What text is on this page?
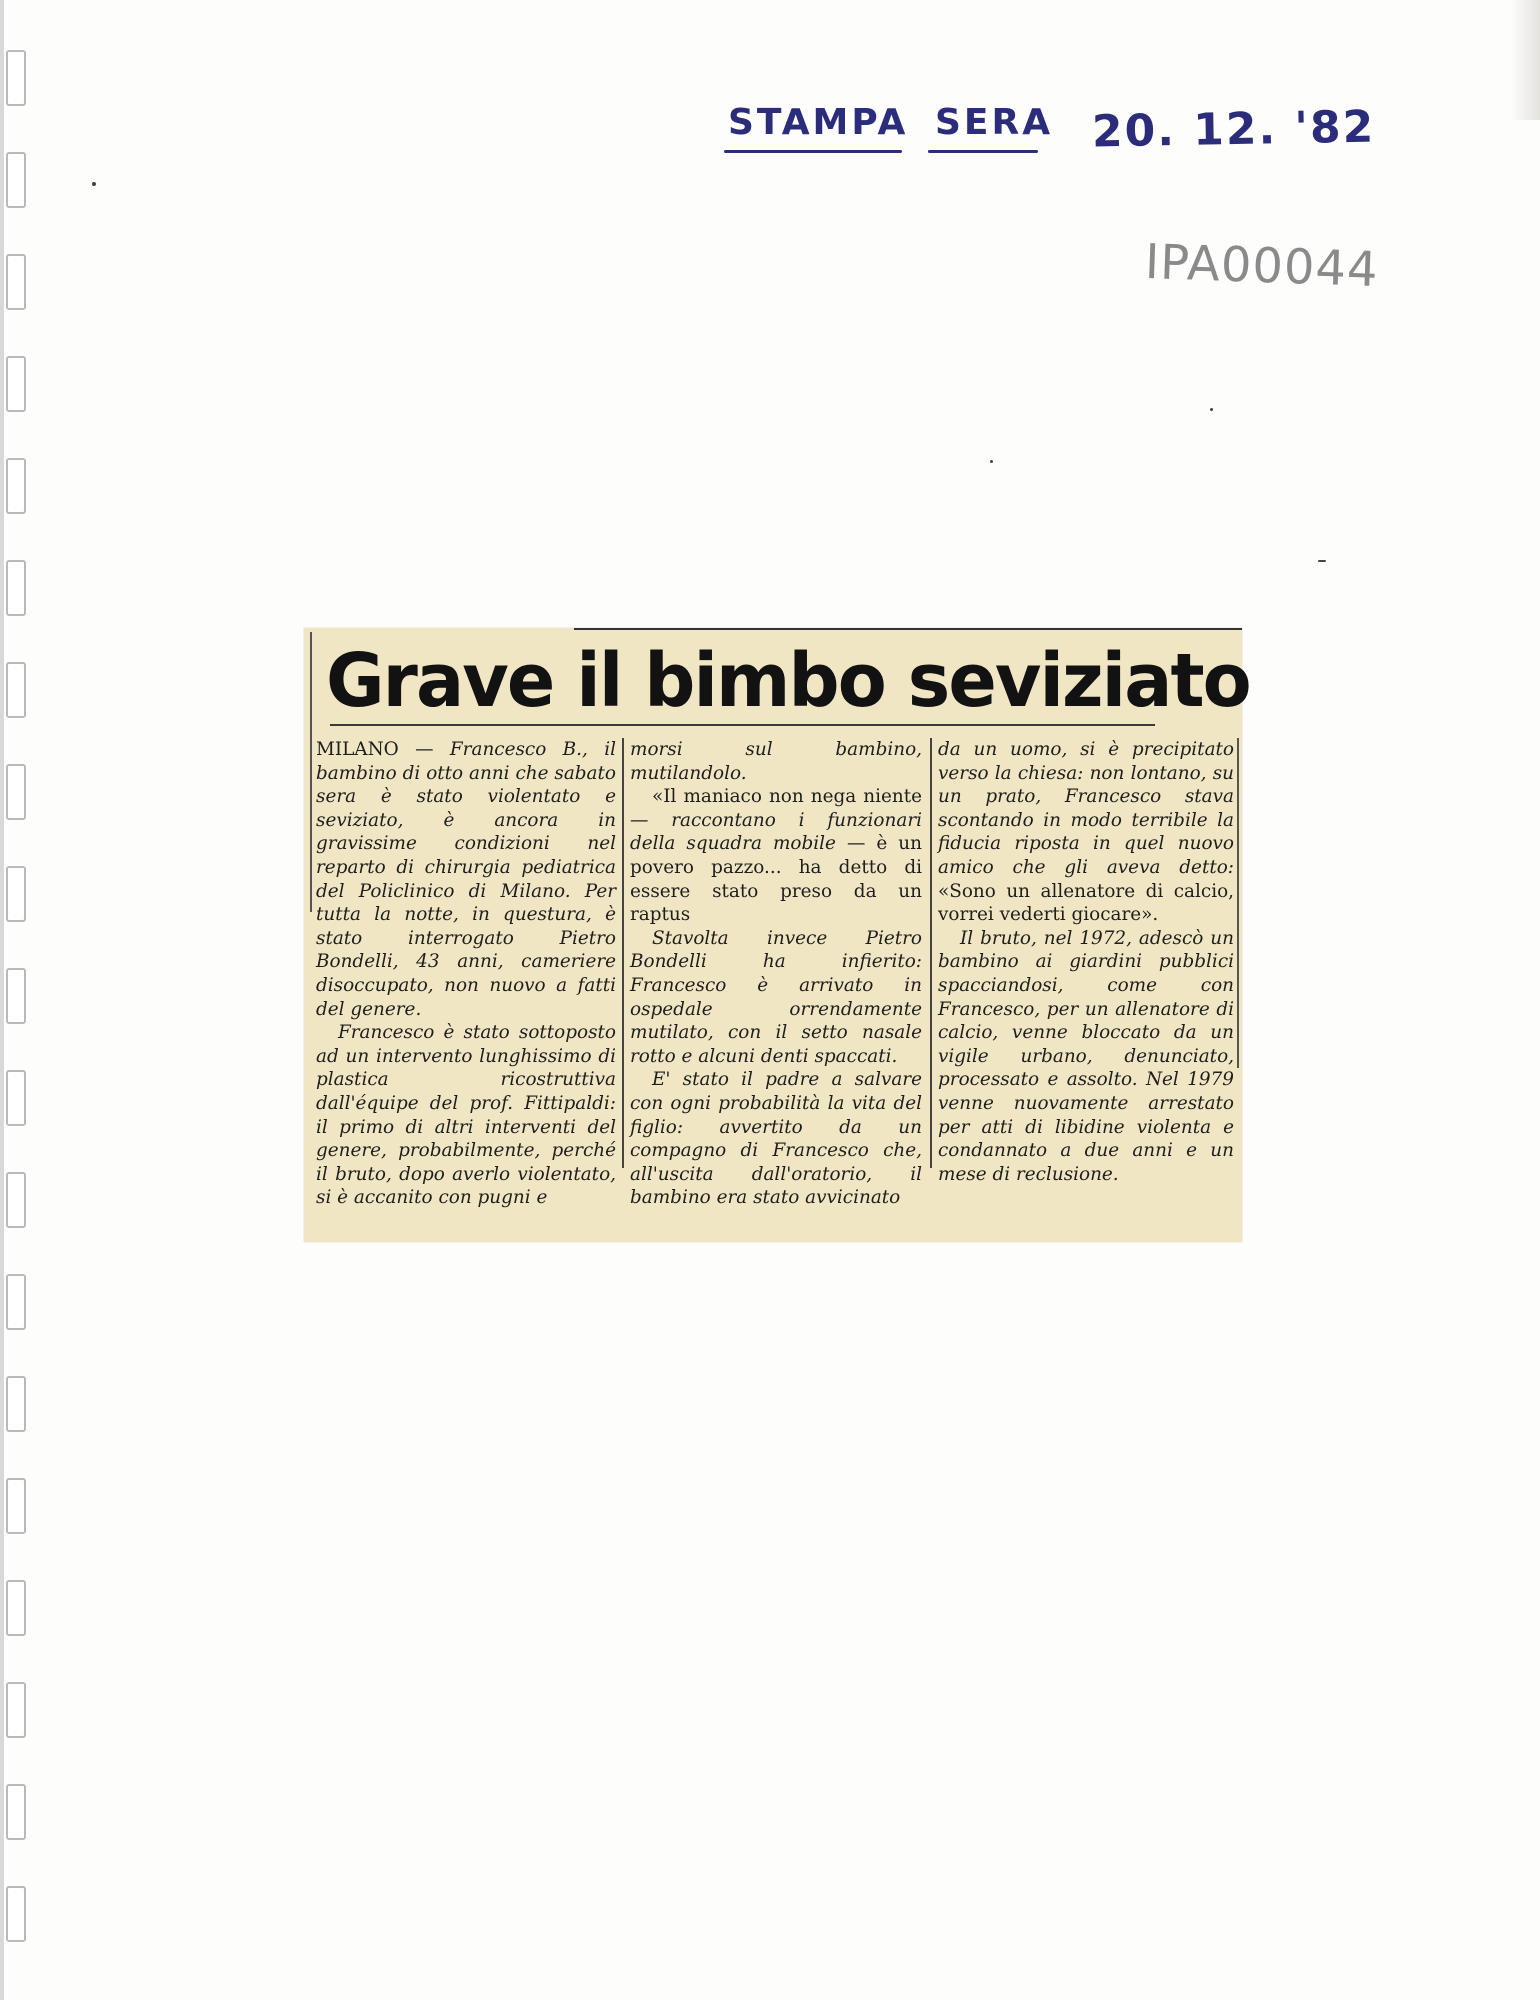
STAMPA SERA 20. 12. '82
IPA00044
Grave il bimbo seviziato

MILANO — Francesco B., il bambino di otto anni che sabato sera è stato violentato e seviziato, è ancora in gravissime condizioni nel reparto di chirurgia pediatrica del Policlinico di Milano. Per tutta la notte, in questura, è stato interrogato Pietro Bondelli, 43 anni, cameriere disoccupato, non nuovo a fatti del genere.

Francesco è stato sottoposto ad un intervento lunghissimo di plastica ricostruttiva dall'équipe del prof. Fittipaldi: il primo di altri interventi del genere, probabilmente, perché il bruto, dopo averlo violentato, si è accanito con pugni e

morsi sul bambino, mutilandolo.

«Il maniaco non nega niente — raccontano i funzionari della squadra mobile — è un povero pazzo... ha detto di essere stato preso da un raptus

Stavolta invece Pietro Bondelli ha infierito: Francesco è arrivato in ospedale orrendamente mutilato, con il setto nasale rotto e alcuni denti spaccati.

E' stato il padre a salvare con ogni probabilità la vita del figlio: avvertito da un compagno di Francesco che, all'uscita dall'oratorio, il bambino era stato avvicinato

da un uomo, si è precipitato verso la chiesa: non lontano, su un prato, Francesco stava scontando in modo terribile la fiducia riposta in quel nuovo amico che gli aveva detto: «Sono un allenatore di calcio, vorrei vederti giocare».

Il bruto, nel 1972, adescò un bambino ai giardini pubblici spacciandosi, come con Francesco, per un allenatore di calcio, venne bloccato da un vigile urbano, denunciato, processato e assolto. Nel 1979 venne nuovamente arrestato per atti di libidine violenta e condannato a due anni e un mese di reclusione.
